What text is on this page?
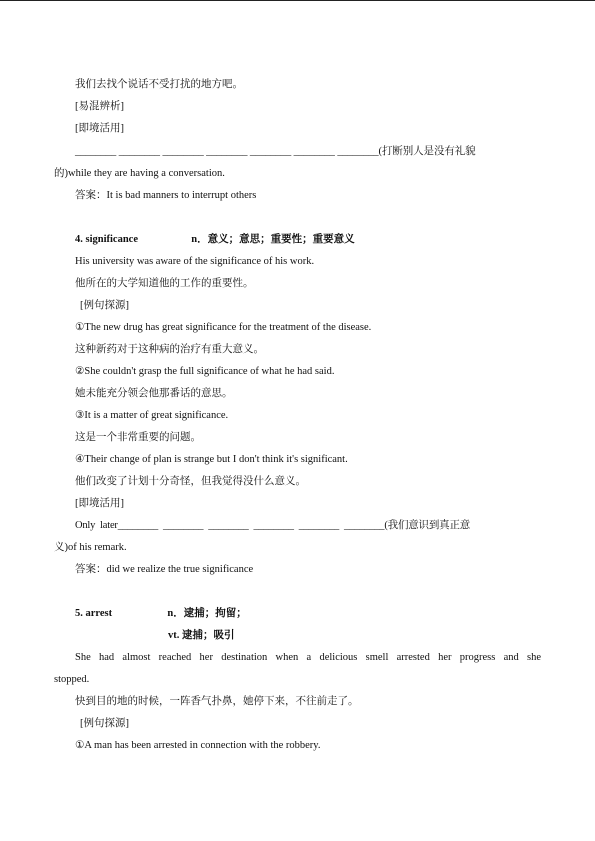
我们去找个说话不受打扰的地方吧。
[易混辨析]
[即境活用]
________ ________ ________ ________ ________ ________ ________(打断别人是没有礼貌
的)while they are having a conversation.
答案：It is bad manners to interrupt others
4. significance	n．意义；意思；重要性；重要意义
His university was aware of the significance of his work.
他所在的大学知道他的工作的重要性。
[例句探源]
①The new drug has great significance for the treatment of the disease.
这种新药对于这种病的治疗有重大意义。
②She couldn't grasp the full significance of what he had said.
她未能充分领会他那番话的意思。
③It is a matter of great significance.
这是一个非常重要的问题。
④Their change of plan is strange but I don't think it's significant.
他们改变了计划十分奇怪，但我觉得没什么意义。
[即境活用]
Only  later________  ________  ________  ________  ________  ________(我们意识到真正意
义)of his remark.
答案：did we realize the true significance
5. arrest	n．逮捕；拘留；
vt. 逮捕；吸引
She had almost reached her destination when a delicious smell arrested her progress and she
stopped.
快到目的地的时候，一阵香气扑鼻，她停下来，不往前走了。
[例句探源]
①A man has been arrested in connection with the robbery.
